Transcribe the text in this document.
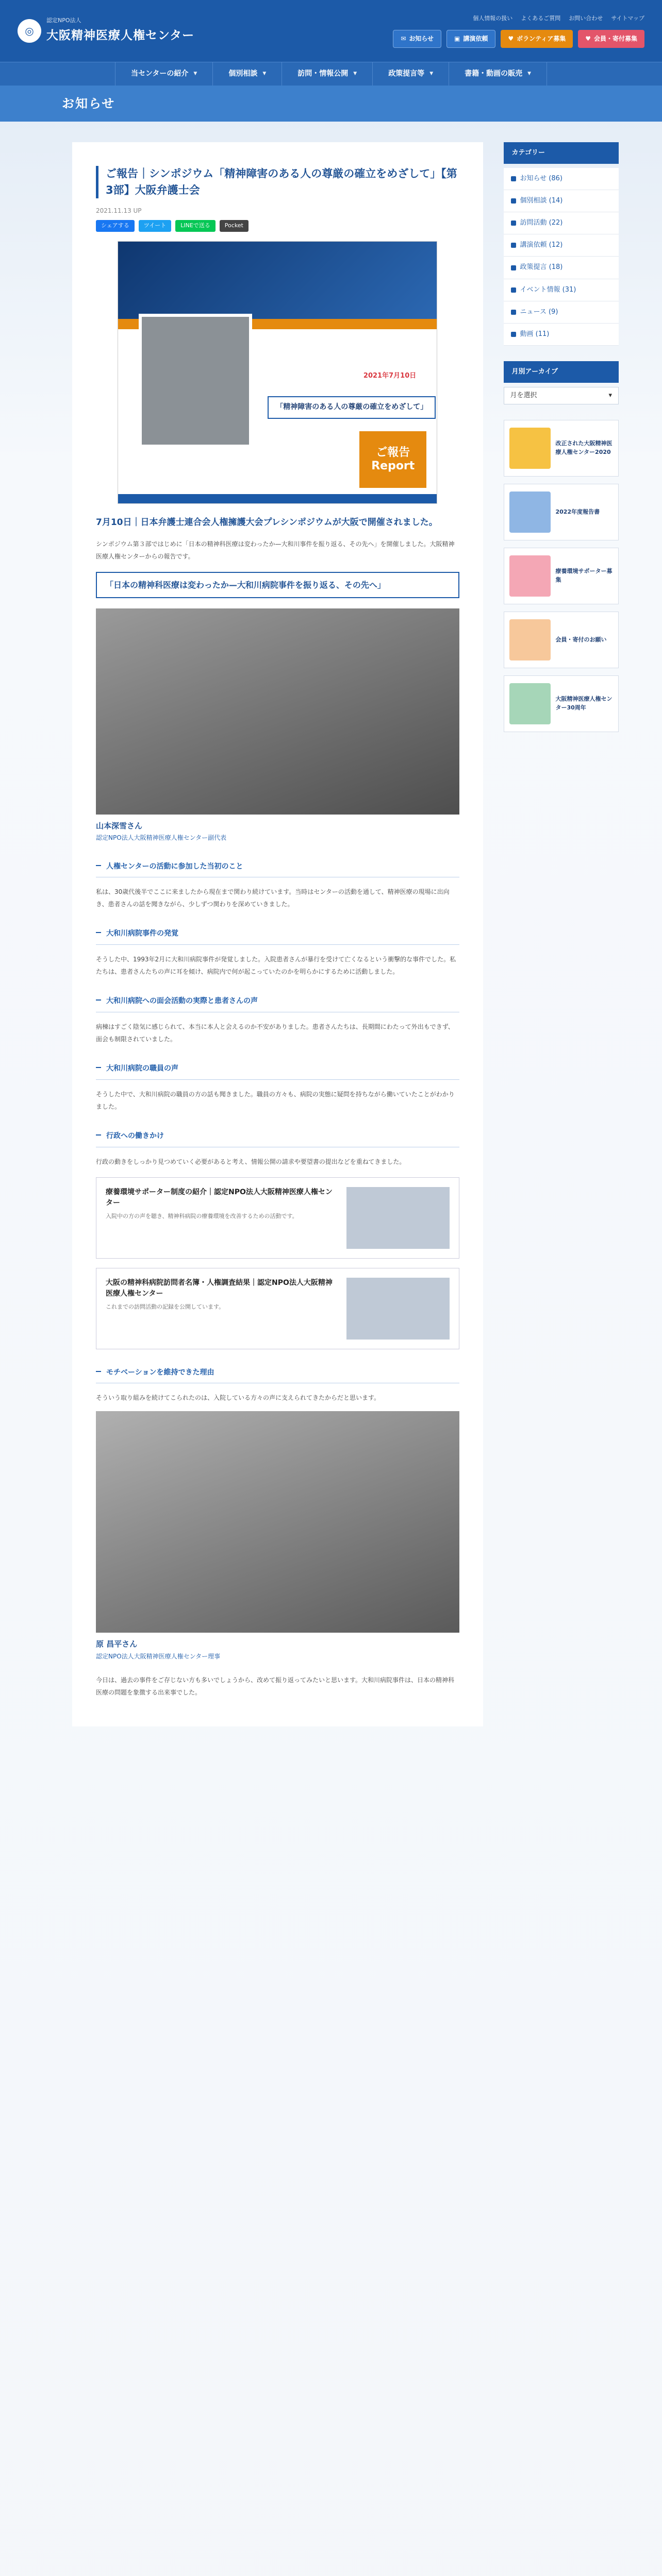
◎
認定NPO法人
大阪精神医療人権センター
個人情報の扱い よくあるご質問 お問い合わせ サイトマップ
✉ お知らせ	▣ 講演依頼	♥ ボランティア募集	♥ 会員・寄付募集
当センターの紹介 ▼	個別相談 ▼	訪問・情報公開 ▼	政策提言等 ▼	書籍・動画の販売 ▼
お知らせ
ご報告｜シンポジウム「精神障害のある人の尊厳の確立をめざして」【第3部】大阪弁護士会
2021.11.13 UP
シェアする	ツイート	LINEで送る	Pocket
2021年7月10日
「精神障害のある人の尊厳の確立をめざして」
ご報告
Report
7月10日｜日本弁護士連合会人権擁護大会プレシンポジウムが大阪で開催されました。

シンポジウム第３部ではじめに「日本の精神科医療は変わったか—大和川事件を振り返る、その先へ」を開催しました。大阪精神医療人権センターからの報告です。

「日本の精神科医療は変わったか—大和川病院事件を振り返る、その先へ」
山本深雪さん
認定NPO法人大阪精神医療人権センター副代表
人権センターの活動に参加した当初のこと

私は、30歳代後半でここに来ましたから現在まで関わり続けています。当時はセンターの活動を通して、精神医療の現場に出向き、患者さんの話を聞きながら、少しずつ関わりを深めていきました。

大和川病院事件の発覚

そうした中、1993年2月に大和川病院事件が発覚しました。入院患者さんが暴行を受けて亡くなるという衝撃的な事件でした。私たちは、患者さんたちの声に耳を傾け、病院内で何が起こっていたのかを明らかにするために活動しました。

大和川病院への面会活動の実際と患者さんの声

病棟はすごく陰気に感じられて、本当に本人と会えるのか不安がありました。患者さんたちは、長期間にわたって外出もできず、面会も制限されていました。

大和川病院の職員の声

そうした中で、大和川病院の職員の方の話も聞きました。職員の方々も、病院の実態に疑問を持ちながら働いていたことがわかりました。

行政への働きかけ

行政の動きをしっかり見つめていく必要があると考え、情報公開の請求や要望書の提出などを重ねてきました。

療養環境サポーター制度の紹介｜認定NPO法人大阪精神医療人権センター
入院中の方の声を聴き、精神科病院の療養環境を改善するための活動です。
大阪の精神科病院訪問者名簿・人権調査結果｜認定NPO法人大阪精神医療人権センター
これまでの訪問活動の記録を公開しています。
モチベーションを維持できた理由

そういう取り組みを続けてこられたのは、入院している方々の声に支えられてきたからだと思います。

原 昌平さん
認定NPO法人大阪精神医療人権センター理事

今日は、過去の事件をご存じない方も多いでしょうから、改めて振り返ってみたいと思います。大和川病院事件は、日本の精神科医療の問題を象徴する出来事でした。

カテゴリー
お知らせ (86)
個別相談 (14)
訪問活動 (22)
講演依頼 (12)
政策提言 (18)
イベント情報 (31)
ニュース (9)
動画 (11)
月別アーカイブ
月を選択	▾
改正された大阪精神医療人権センター2020
2022年度報告書
療養環境サポーター募集
会員・寄付のお願い
大阪精神医療人権センター30周年
